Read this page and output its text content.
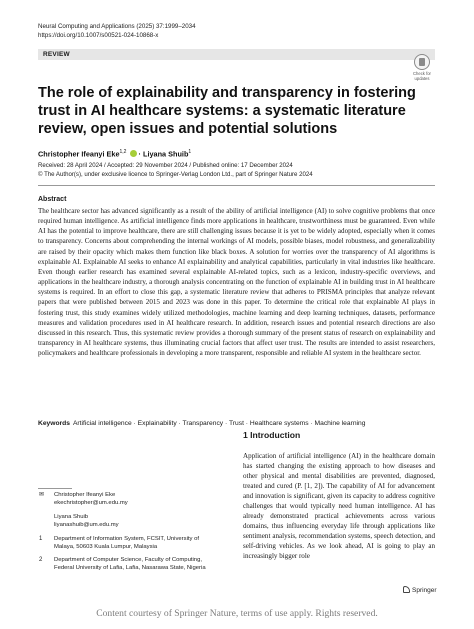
Neural Computing and Applications (2025) 37:1999–2034
https://doi.org/10.1007/s00521-024-10868-x
REVIEW
Check for
updates
The role of explainability and transparency in fostering trust in AI healthcare systems: a systematic literature review, open issues and potential solutions
Christopher Ifeanyi Eke$^{1,2}$ · Liyana Shuib$^1$
Received: 28 April 2024 / Accepted: 29 November 2024 / Published online: 17 December 2024
© The Author(s), under exclusive licence to Springer-Verlag London Ltd., part of Springer Nature 2024
Abstract
The healthcare sector has advanced significantly as a result of the ability of artificial intelligence (AI) to solve cognitive problems that once required human intelligence. As artificial intelligence finds more applications in healthcare, trustworthiness must be guaranteed. Even while AI has the potential to improve healthcare, there are still challenging issues because it is yet to be widely adopted, especially when it comes to transparency. Concerns about comprehending the internal workings of AI models, possible biases, model robustness, and generalizability are raised by their opacity which makes them function like black boxes. A solution for worries over the transparency of AI algorithms is explainable AI. Explainable AI seeks to enhance AI explainability and analytical capabilities, particularly in vital industries like healthcare. Even though earlier research has examined several explainable AI-related topics, such as a lexicon, industry-specific overviews, and applications in the healthcare industry, a thorough analysis concentrating on the function of explainable AI in building trust in AI healthcare systems is required. In an effort to close this gap, a systematic literature review that adheres to PRISMA principles that analyze relevant papers that were published between 2015 and 2023 was done in this paper. To determine the critical role that explainable AI plays in fostering trust, this study examines widely utilized methodologies, machine learning and deep learning techniques, datasets, performance measures and validation procedures used in AI healthcare research. In addition, research issues and potential research directions are also discussed in this research. Thus, this systematic review provides a thorough summary of the present status of research on explainability and transparency in AI healthcare systems, thus illuminating crucial factors that affect user trust. The results are intended to assist researchers, policymakers and healthcare professionals in developing a more transparent, responsible and reliable AI system in the healthcare sector.
Keywords Artificial intelligence · Explainability · Transparency · Trust · Healthcare systems · Machine learning
1 Introduction
Application of artificial intelligence (AI) in the healthcare domain has started changing the existing approach to how diseases and other physical and mental disabilities are prevented, diagnosed, treated and cured (P. [1, 2]). The capability of AI for advancement and innovation is significant, given its capacity to address cognitive challenges that would typically need human intelligence. AI has already demonstrated practical achievements across various domains, thus influencing everyday life through applications like sentiment analysis, recommendation systems, speech detection, and self-driving vehicles. As we look ahead, AI is going to play an increasingly bigger role
✉ Christopher Ifeanyi Eke
ekechristopher@um.edu.my
Liyana Shuib
liyanashuib@um.edu.my
1 Department of Information System, FCSIT, University of
Malaya, 50603 Kuala Lumpur, Malaysia
2 Department of Computer Science, Faculty of Computing,
Federal University of Lafia, Lafia, Nasarawa State, Nigeria
Springer
Content courtesy of Springer Nature, terms of use apply. Rights reserved.
